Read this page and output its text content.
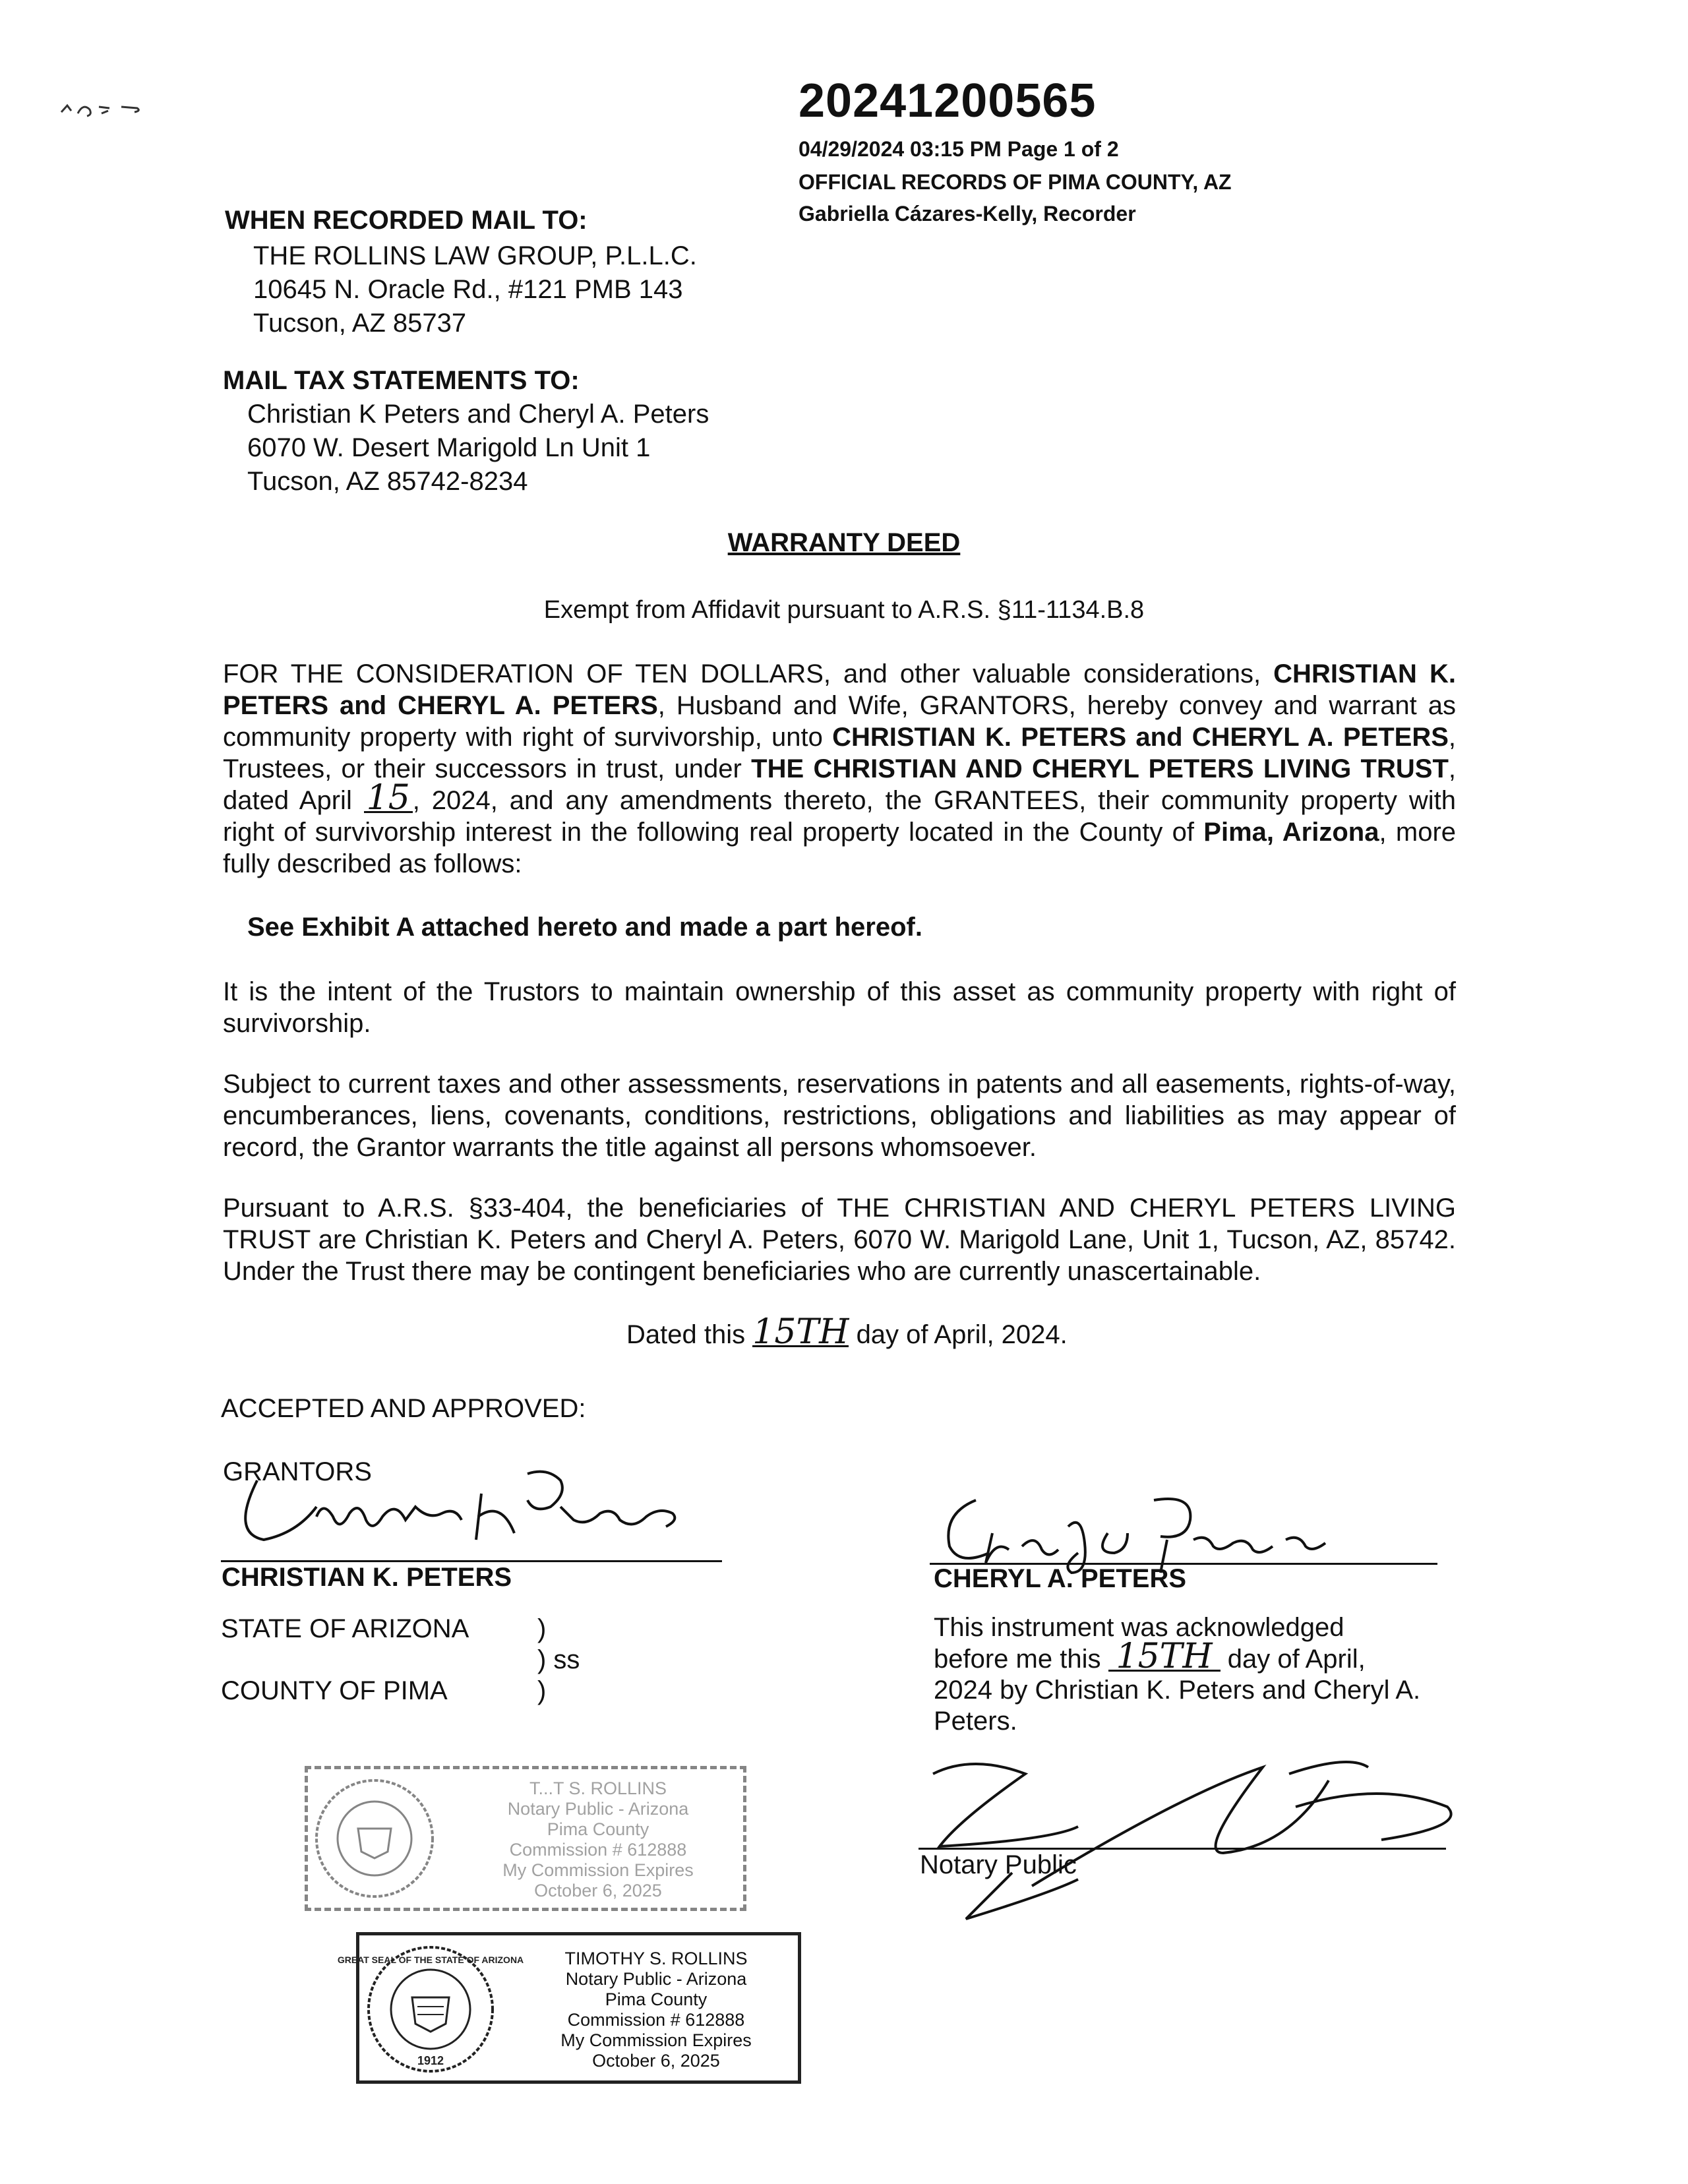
20241200565
04/29/2024 03:15 PM Page 1 of 2
OFFICIAL RECORDS OF PIMA COUNTY, AZ
Gabriella Cázares-Kelly, Recorder
WHEN RECORDED MAIL TO:
THE ROLLINS LAW GROUP, P.L.L.C.
10645 N. Oracle Rd., #121 PMB 143
Tucson, AZ 85737
MAIL TAX STATEMENTS TO:
Christian K Peters and Cheryl A. Peters
6070 W. Desert Marigold Ln Unit 1
Tucson, AZ 85742-8234
WARRANTY DEED
Exempt from Affidavit pursuant to A.R.S. §11-1134.B.8
FOR THE CONSIDERATION OF TEN DOLLARS, and other valuable considerations, CHRISTIAN K. PETERS and CHERYL A. PETERS, Husband and Wife, GRANTORS, hereby convey and warrant as community property with right of survivorship, unto CHRISTIAN K. PETERS and CHERYL A. PETERS, Trustees, or their successors in trust, under THE CHRISTIAN AND CHERYL PETERS LIVING TRUST, dated April 15, 2024, and any amendments thereto, the GRANTEES, their community property with right of survivorship interest in the following real property located in the County of Pima, Arizona, more fully described as follows:
See Exhibit A attached hereto and made a part hereof.
It is the intent of the Trustors to maintain ownership of this asset as community property with right of survivorship.
Subject to current taxes and other assessments, reservations in patents and all easements, rights-of-way, encumberances, liens, covenants, conditions, restrictions, obligations and liabilities as may appear of record, the Grantor warrants the title against all persons whomsoever.
Pursuant to A.R.S. §33-404, the beneficiaries of THE CHRISTIAN AND CHERYL PETERS LIVING TRUST are Christian K. Peters and Cheryl A. Peters, 6070 W. Marigold Lane, Unit 1, Tucson, AZ, 85742. Under the Trust there may be contingent beneficiaries who are currently unascertainable.
Dated this 15TH day of April, 2024.
ACCEPTED AND APPROVED:
GRANTORS
CHRISTIAN K. PETERS	CHERYL A. PETERS
STATE OF ARIZONA
COUNTY OF PIMA
)
) ss
)
This instrument was acknowledged
before me this 15TH day of April,
2024 by Christian K. Peters and Cheryl A.
Peters.
Notary Public
T...T S. ROLLINS
Notary Public - Arizona
Pima County
Commission # 612888
My Commission Expires
October 6, 2025
GREAT SEAL OF THE STATE OF ARIZONA
1912
TIMOTHY S. ROLLINS
Notary Public - Arizona
Pima County
Commission # 612888
My Commission Expires
October 6, 2025
